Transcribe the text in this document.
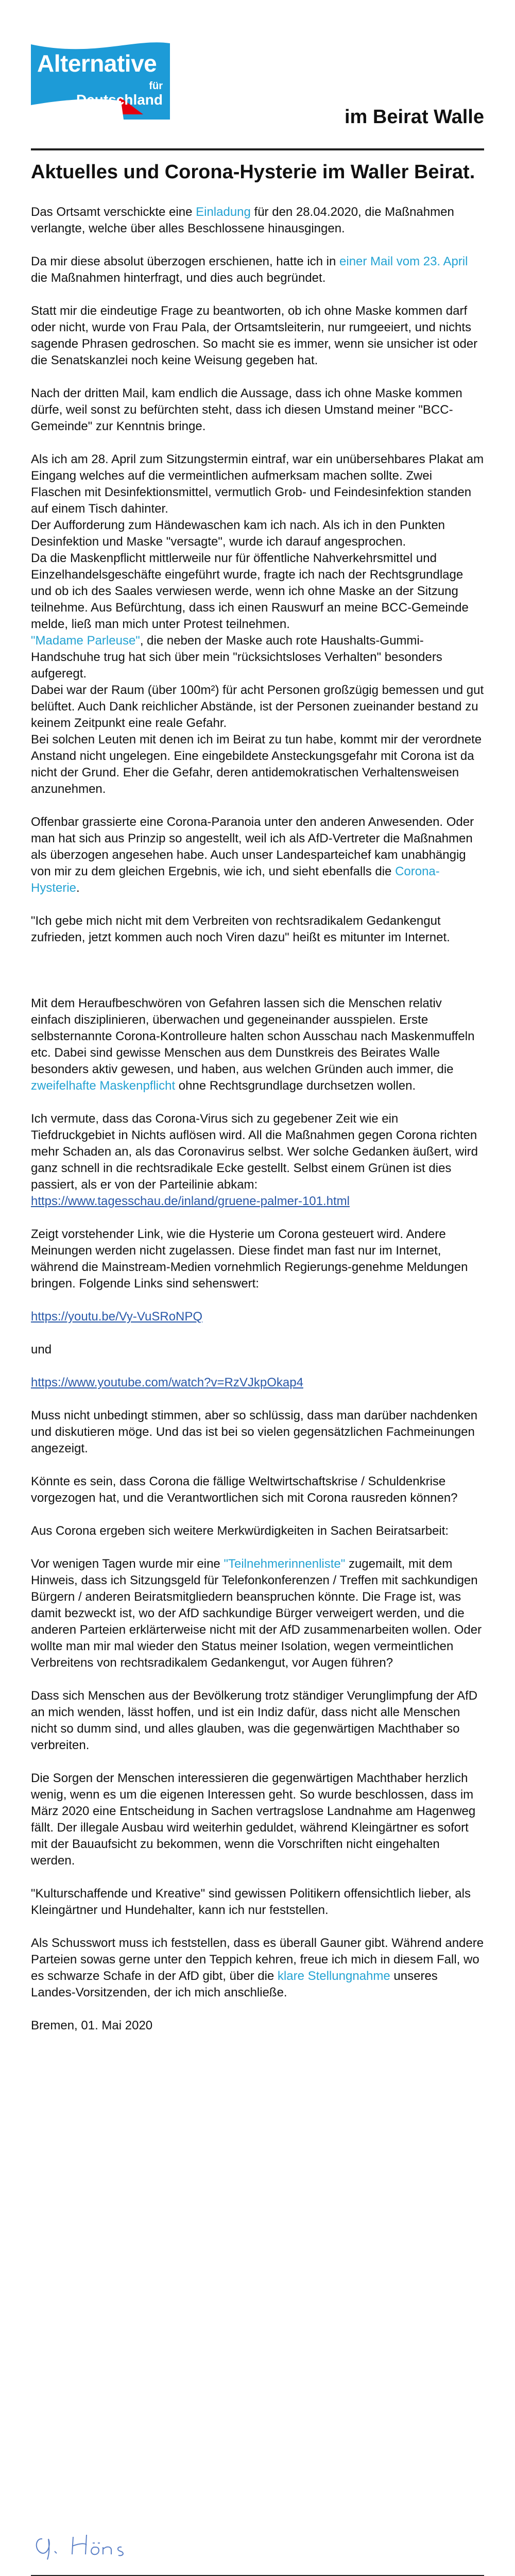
Alternative
für
Deutschland
im Beirat Walle
Aktuelles und Corona-Hysterie im Waller Beirat.

Das Ortsamt verschickte eine Einladung für den 28.04.2020, die Maßnahmen verlangte, welche über alles Beschlossene hinausgingen.

Da mir diese absolut überzogen erschienen, hatte ich in einer Mail vom 23. April die Maßnahmen hinterfragt, und dies auch begründet.

Statt mir die eindeutige Frage zu beantworten, ob ich ohne Maske kommen darf oder nicht, wurde von Frau Pala, der Ortsamtsleiterin, nur rumgeeiert, und nichts sagende Phrasen gedroschen. So macht sie es immer, wenn sie unsicher ist oder die Senatskanzlei noch keine Weisung gegeben hat.

Nach der dritten Mail, kam endlich die Aussage, dass ich ohne Maske kommen dürfe, weil sonst zu befürchten steht, dass ich diesen Umstand meiner "BCC-Gemeinde" zur Kenntnis bringe.

Als ich am 28. April zum Sitzungstermin eintraf, war ein unübersehbares Plakat am Eingang welches auf die vermeintlichen aufmerksam machen sollte. Zwei Flaschen mit Desinfektionsmittel, vermutlich Grob- und Feindesinfektion standen auf einem Tisch dahinter.
Der Aufforderung zum Händewaschen kam ich nach. Als ich in den Punkten Desinfektion und Maske "versagte", wurde ich darauf angesprochen.
Da die Maskenpflicht mittlerweile nur für öffentliche Nahverkehrsmittel und Einzelhandelsgeschäfte eingeführt wurde, fragte ich nach der Rechtsgrundlage und ob ich des Saales verwiesen werde, wenn ich ohne Maske an der Sitzung teilnehme. Aus Befürchtung, dass ich einen Rauswurf an meine BCC-Gemeinde melde, ließ man mich unter Protest teilnehmen.
"Madame Parleuse", die neben der Maske auch rote Haushalts-Gummi-Handschuhe trug hat sich über mein "rücksichtsloses Verhalten" besonders aufgeregt.
Dabei war der Raum (über 100m²) für acht Personen großzügig bemessen und gut belüftet. Auch Dank reichlicher Abstände, ist der Personen zueinander bestand zu keinem Zeitpunkt eine reale Gefahr.
Bei solchen Leuten mit denen ich im Beirat zu tun habe, kommt mir der verordnete Anstand nicht ungelegen. Eine eingebildete Ansteckungsgefahr mit Corona ist da nicht der Grund. Eher die Gefahr, deren antidemokratischen Verhaltensweisen anzunehmen.

Offenbar grassierte eine Corona-Paranoia unter den anderen Anwesenden. Oder man hat sich aus Prinzip so angestellt, weil ich als AfD-Vertreter die Maßnahmen als überzogen angesehen habe. Auch unser Landesparteichef kam unabhängig von mir zu dem gleichen Ergebnis, wie ich, und sieht ebenfalls die Corona-Hysterie.

"Ich gebe mich nicht mit dem Verbreiten von rechtsradikalem Gedankengut zufrieden, jetzt kommen auch noch Viren dazu" heißt es mitunter im Internet.

Mit dem Heraufbeschwören von Gefahren lassen sich die Menschen relativ einfach disziplinieren, überwachen und gegeneinander ausspielen. Erste selbsternannte Corona-Kontrolleure halten schon Ausschau nach Maskenmuffeln etc. Dabei sind gewisse Menschen aus dem Dunstkreis des Beirates Walle besonders aktiv gewesen, und haben, aus welchen Gründen auch immer, die zweifelhafte Maskenpflicht ohne Rechtsgrundlage durchsetzen wollen.

Ich vermute, dass das Corona-Virus sich zu gegebener Zeit wie ein Tiefdruckgebiet in Nichts auflösen wird. All die Maßnahmen gegen Corona richten mehr Schaden an, als das Coronavirus selbst. Wer solche Gedanken äußert, wird ganz schnell in die rechtsradikale Ecke gestellt. Selbst einem Grünen ist dies passiert, als er von der Parteilinie abkam:
https://www.tagesschau.de/inland/gruene-palmer-101.html

Zeigt vorstehender Link, wie die Hysterie um Corona gesteuert wird. Andere Meinungen werden nicht zugelassen. Diese findet man fast nur im Internet, während die Mainstream-Medien vornehmlich Regierungs-genehme Meldungen bringen. Folgende Links sind sehenswert:

https://youtu.be/Vy-VuSRoNPQ

und

https://www.youtube.com/watch?v=RzVJkpOkap4

Muss nicht unbedingt stimmen, aber so schlüssig, dass man darüber nachdenken und diskutieren möge. Und das ist bei so vielen gegensätzlichen Fachmeinungen angezeigt.

Könnte es sein, dass Corona die fällige Weltwirtschaftskrise / Schuldenkrise vorgezogen hat, und die Verantwortlichen sich mit Corona rausreden können?

Aus Corona ergeben sich weitere Merkwürdigkeiten in Sachen Beiratsarbeit:

Vor wenigen Tagen wurde mir eine "Teilnehmerinnenliste" zugemailt, mit dem Hinweis, dass ich Sitzungsgeld für Telefonkonferenzen / Treffen mit sachkundigen Bürgern / anderen Beiratsmitgliedern beanspruchen könnte. Die Frage ist, was damit bezweckt ist, wo der AfD sachkundige Bürger verweigert werden, und die anderen Parteien erklärterweise nicht mit der AfD zusammenarbeiten wollen. Oder wollte man mir mal wieder den Status meiner Isolation, wegen vermeintlichen Verbreitens von rechtsradikalem Gedankengut, vor Augen führen?

Dass sich Menschen aus der Bevölkerung trotz ständiger Verunglimpfung der AfD an mich wenden, lässt hoffen, und ist ein Indiz dafür, dass nicht alle Menschen nicht so dumm sind, und alles glauben, was die gegenwärtigen Machthaber so verbreiten.

Die Sorgen der Menschen interessieren die gegenwärtigen Machthaber herzlich wenig, wenn es um die eigenen Interessen geht. So wurde beschlossen, dass im März 2020 eine Entscheidung in Sachen vertragslose Landnahme am Hagenweg fällt. Der illegale Ausbau wird weiterhin geduldet, während Kleingärtner es sofort mit der Bauaufsicht zu bekommen, wenn die Vorschriften nicht eingehalten werden.

"Kulturschaffende und Kreative" sind gewissen Politikern offensichtlich lieber, als Kleingärtner und Hundehalter, kann ich nur feststellen.

Als Schusswort muss ich feststellen, dass es überall Gauner gibt. Während andere Parteien sowas gerne unter den Teppich kehren, freue ich mich in diesem Fall, wo es schwarze Schafe in der AfD gibt, über die klare Stellungnahme unseres Landes-Vorsitzenden, der ich mich anschließe.

Bremen, 01. Mai 2020
